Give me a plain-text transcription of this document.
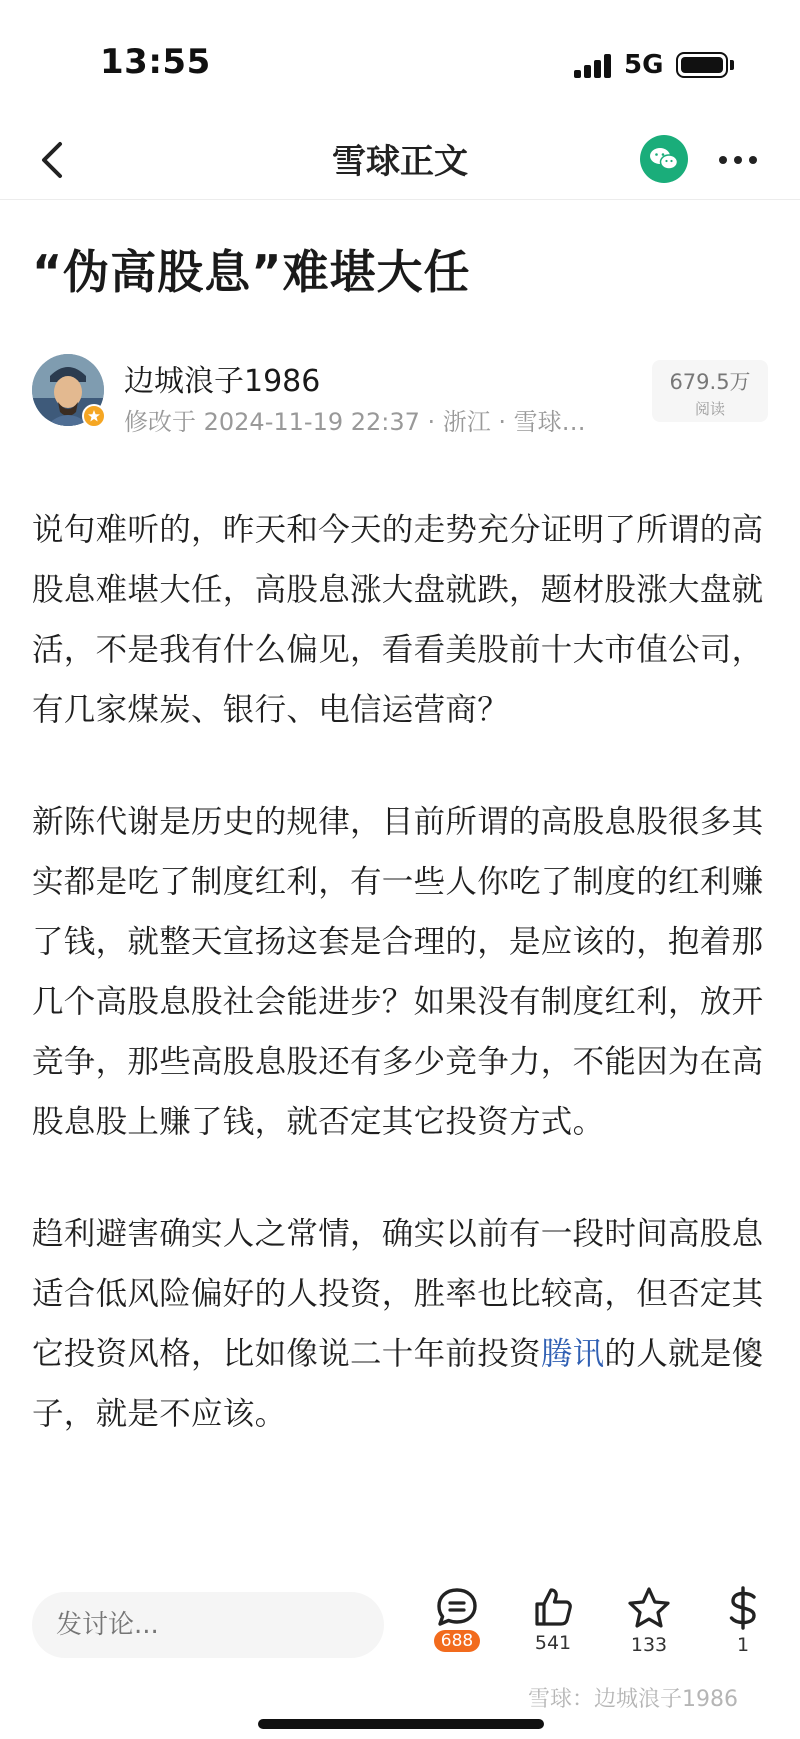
13:55	5G
雪球正文
“伪高股息”难堪大任
边城浪子1986
修改于 2024-11-19 22:37 · 浙江 · 雪球…
679.5万
阅读

说句难听的，昨天和今天的走势充分证明了所谓的高股息难堪大任，高股息涨大盘就跌，题材股涨大盘就活，不是我有什么偏见，看看美股前十大市值公司，有几家煤炭、银行、电信运营商？

新陈代谢是历史的规律，目前所谓的高股息股很多其实都是吃了制度红利，有一些人你吃了制度的红利赚了钱，就整天宣扬这套是合理的，是应该的，抱着那几个高股息股社会能进步？如果没有制度红利，放开竞争，那些高股息股还有多少竞争力，不能因为在高股息股上赚了钱，就否定其它投资方式。

趋利避害确实人之常情，确实以前有一段时间高股息适合低风险偏好的人投资，胜率也比较高，但否定其它投资风格，比如像说二十年前投资腾讯的人就是傻子，就是不应该。

发讨论...
688	541	133	1
雪球：边城浪子1986
